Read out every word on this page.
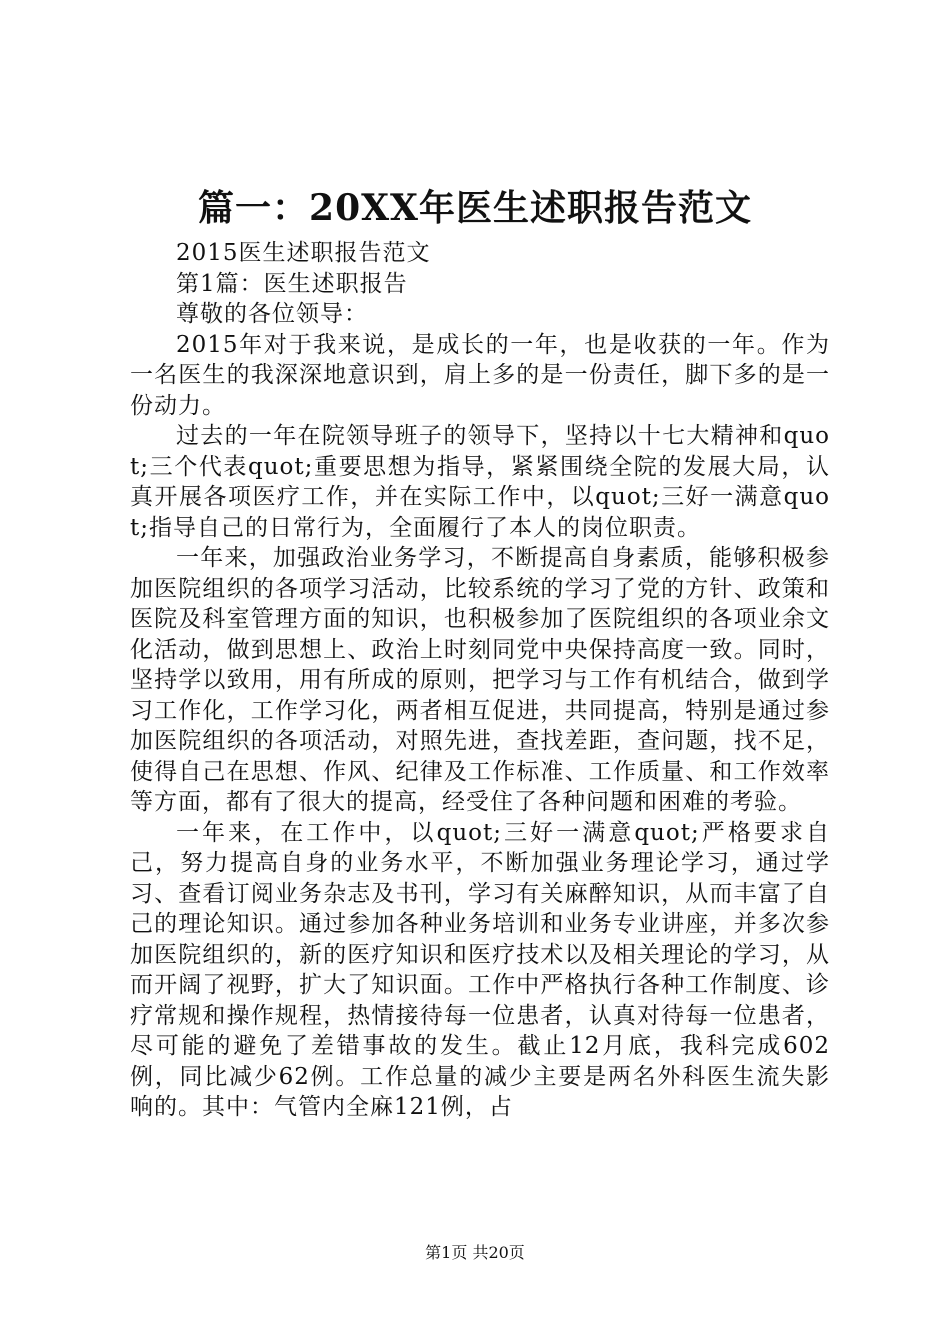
篇一：20XX年医生述职报告范文

2015医生述职报告范文

第1篇：医生述职报告

尊敬的各位领导：

2015年对于我来说，是成长的一年，也是收获的一年。作为一名医生的我深深地意识到，肩上多的是一份责任，脚下多的是一份动力。

过去的一年在院领导班子的领导下，坚持以十七大精神和quot;三个代表quot;重要思想为指导，紧紧围绕全院的发展大局，认真开展各项医疗工作，并在实际工作中，以quot;三好一满意quot;指导自己的日常行为，全面履行了本人的岗位职责。

一年来，加强政治业务学习，不断提高自身素质，能够积极参加医院组织的各项学习活动，比较系统的学习了党的方针、政策和医院及科室管理方面的知识，也积极参加了医院组织的各项业余文化活动，做到思想上、政治上时刻同党中央保持高度一致。同时，坚持学以致用，用有所成的原则，把学习与工作有机结合，做到学习工作化，工作学习化，两者相互促进，共同提高，特别是通过参加医院组织的各项活动，对照先进，查找差距，查问题，找不足，使得自己在思想、作风、纪律及工作标准、工作质量、和工作效率等方面，都有了很大的提高，经受住了各种问题和困难的考验。

一年来，在工作中，以quot;三好一满意quot;严格要求自己，努力提高自身的业务水平，不断加强业务理论学习，通过学习、查看订阅业务杂志及书刊，学习有关麻醉知识，从而丰富了自己的理论知识。通过参加各种业务培训和业务专业讲座，并多次参加医院组织的，新的医疗知识和医疗技术以及相关理论的学习，从而开阔了视野，扩大了知识面。工作中严格执行各种工作制度、诊疗常规和操作规程，热情接待每一位患者，认真对待每一位患者，尽可能的避免了差错事故的发生。截止12月底，我科完成602例，同比减少62例。工作总量的减少主要是两名外科医生流失影响的。其中：气管内全麻121例，占

第1页 共20页
